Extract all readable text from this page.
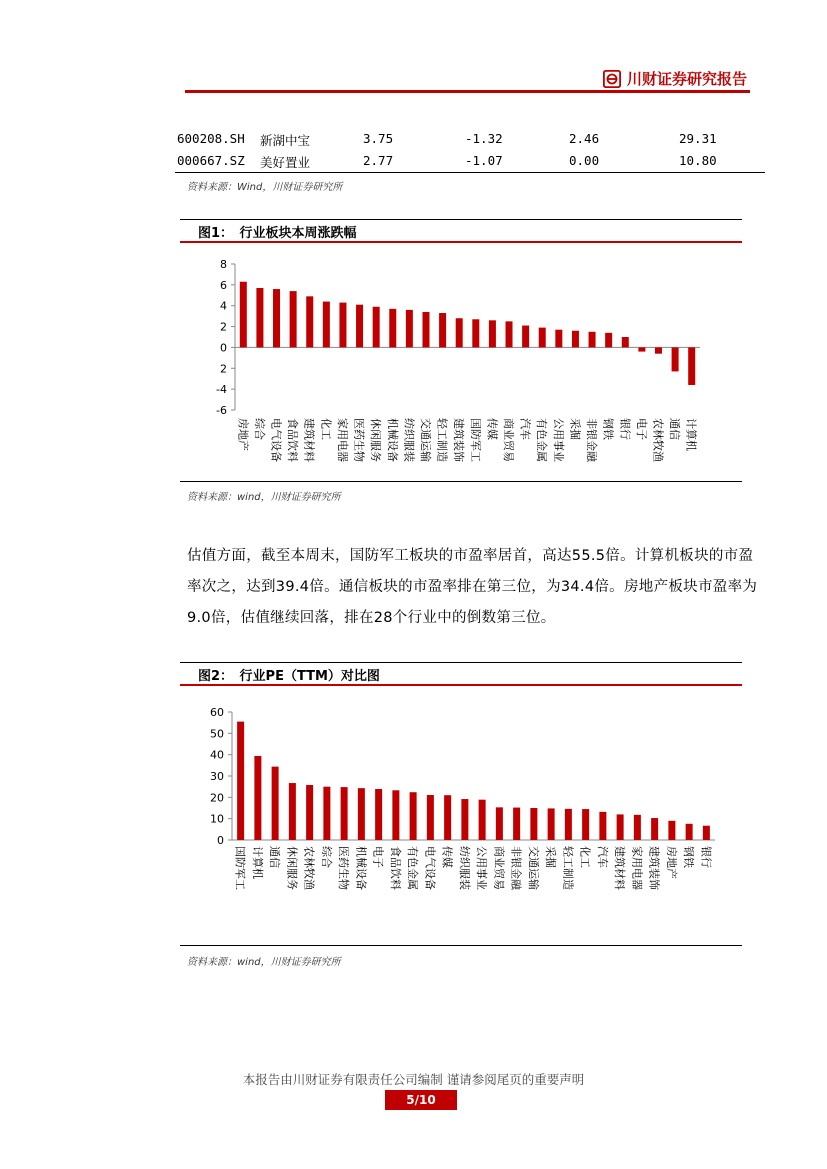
川财证券研究报告
600208.SH 新湖中宝	3.75	-1.32	2.46	29.31
000667.SZ 美好置业	2.77	-1.07	0.00	10.80
资料来源：Wind，川财证券研究所
图1：　行业板块本周涨跌幅
8
6
4
2
0
2
-4
-6
房地产 综合 电气设备 食品饮料 建筑材料 化工 家用电器 医药生物 休闲服务 机械设备 纺织服装 交通运输 轻工制造 建筑装饰 国防军工 传媒 商业贸易 汽车 有色金属 公用事业 采掘 非银金融 钢铁 银行 电子 农林牧渔 通信 计算机
资料来源：wind，川财证券研究所
估值方面，截至本周末，国防军工板块的市盈率居首，高达55.5倍。计算机板块的市盈率次之，达到39.4倍。通信板块的市盈率排在第三位，为34.4倍。房地产板块市盈率为9.0倍，估值继续回落，排在28个行业中的倒数第三位。
图2：　行业PE（TTM）对比图
0
10
20
30
40
50
60
国防军工 计算机 通信 休闲服务 农林牧渔 综合 医药生物 机械设备 电子 食品饮料 有色金属 电气设备 传媒 纺织服装 公用事业 商业贸易 非银金融 交通运输 采掘 轻工制造 化工 汽车 建筑材料 家用电器 建筑装饰 房地产 钢铁 银行
资料来源：wind，川财证券研究所
本报告由川财证券有限责任公司编制 谨请参阅尾页的重要声明
5/10
